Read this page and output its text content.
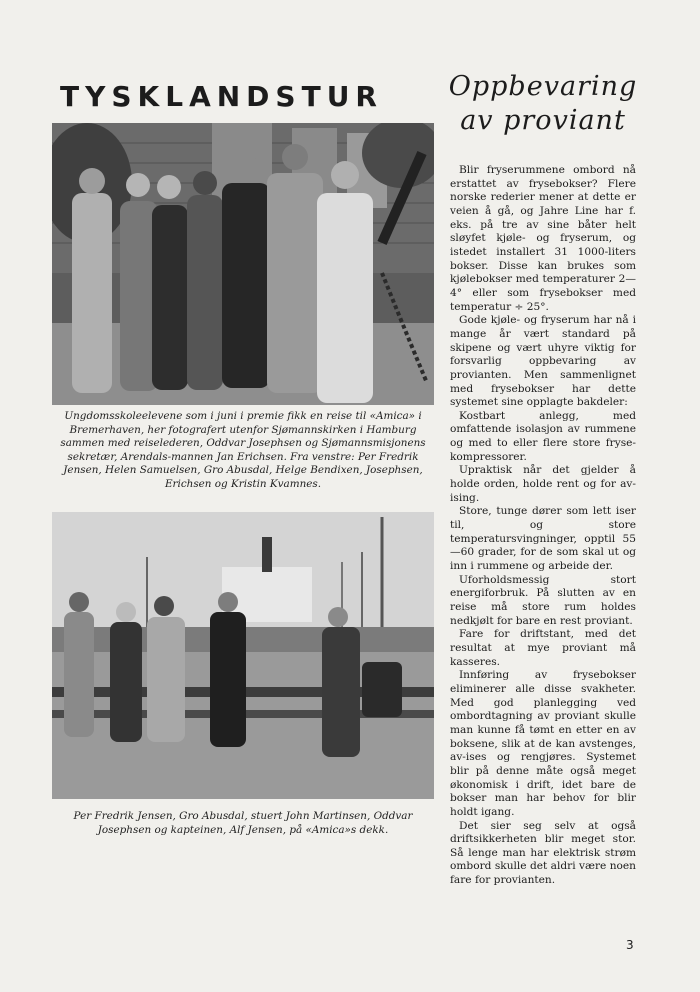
TYSKLANDSTUR	Oppbevaring
av proviant
Ungdomsskoleelevene som i juni i premie fikk en reise til «Amica» i Bremerhaven, her fotografert utenfor Sjømannskirken i Hamburg sammen med reiselederen, Oddvar Josephsen og Sjømannsmisjonens sekretær, Arendals-mannen Jan Erichsen. Fra venstre: Per Fredrik Jensen, Helen Samuelsen, Gro Abusdal, Helge Bendixen, Josephsen, Erichsen og Kristin Kvamnes.
Per Fredrik Jensen, Gro Abusdal, stuert John Martinsen, Oddvar Josephsen og kapteinen, Alf Jensen, på «Amica»s dekk.

Blir fryserummene ombord nå erstattet av frysebokser? Flere norske rederier mener at dette er veien å gå, og Jahre Line har f. eks. på tre av sine båter helt sløyfet kjøle- og fryserum, og istedet installert 31 1000-liters bokser. Disse kan brukes som kjølebokser med temperaturer 2—4° eller som frysebokser med temperatur ÷ 25°.

Gode kjøle- og fryserum har nå i mange år vært standard på skipene og vært uhyre viktig for forsvarlig oppbevaring av provianten. Men sammenlignet med frysebokser har dette systemet sine opplagte bakdeler:

Kostbart anlegg, med omfattende isolasjon av rummene og med to eller flere store fryse-kompressorer.

Upraktisk når det gjelder å holde orden, holde rent og for av-ising.

Store, tunge dører som lett iser til, og store temperatursvingninger, opptil 55—60 grader, for de som skal ut og inn i rummene og arbeide der.

Uforholdsmessig stort energiforbruk. På slutten av en reise må store rum holdes nedkjølt for bare en rest proviant.

Fare for driftstant, med det resultat at mye proviant må kasseres.

Innføring av frysebokser eliminerer alle disse svakheter. Med god planlegging ved ombordtagning av proviant skulle man kunne få tømt en etter en av boksene, slik at de kan avstenges, av-ises og rengjøres. Systemet blir på denne måte også meget økonomisk i drift, idet bare de bokser man har behov for blir holdt igang.

Det sier seg selv at også driftsikkerheten blir meget stor. Så lenge man har elektrisk strøm ombord skulle det aldri være noen fare for provianten.

3
